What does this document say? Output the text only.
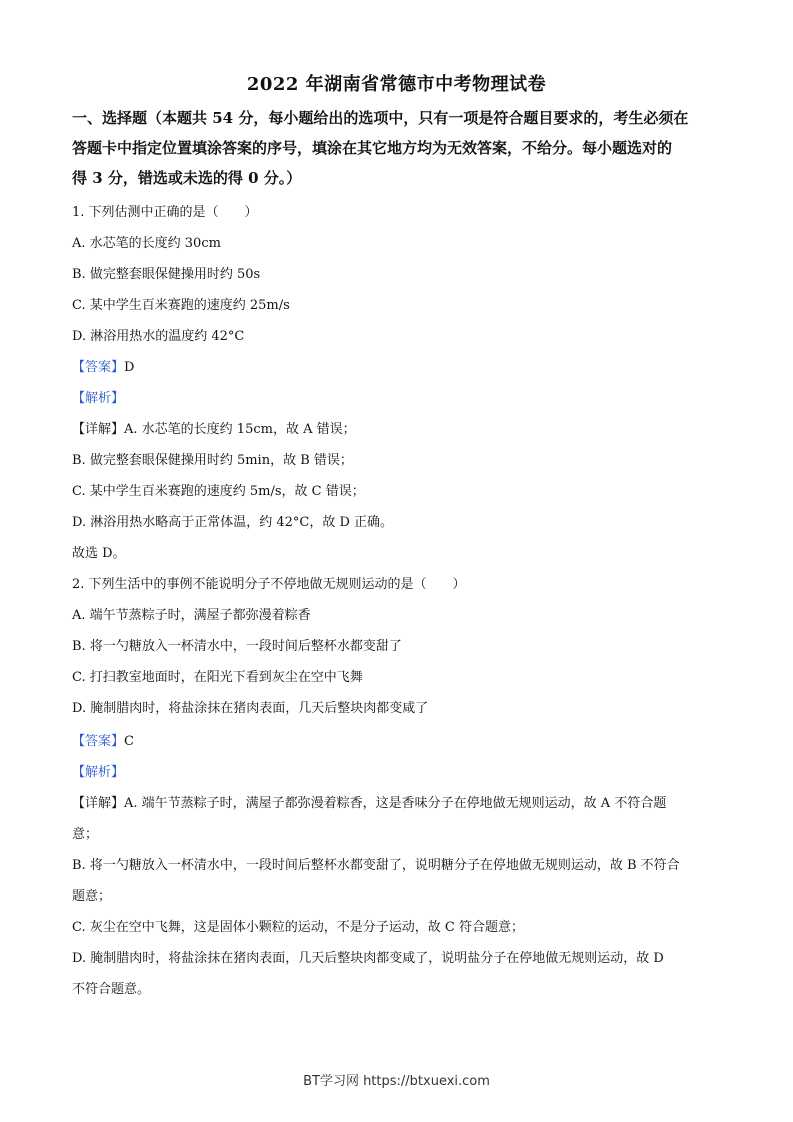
2022 年湖南省常德市中考物理试卷
一、选择题（本题共 54 分，每小题给出的选项中，只有一项是符合题目要求的，考生必须在
答题卡中指定位置填涂答案的序号，填涂在其它地方均为无效答案，不给分。每小题选对的
得 3 分，错选或未选的得 0 分。）
1. 下列估测中正确的是（　　）
A. 水芯笔的长度约 30cm
B. 做完整套眼保健操用时约 50s
C. 某中学生百米赛跑的速度约 25m/s
D. 淋浴用热水的温度约 42°C
【答案】D
【解析】
【详解】A. 水芯笔的长度约 15cm，故 A 错误；
B. 做完整套眼保健操用时约 5min，故 B 错误；
C. 某中学生百米赛跑的速度约 5m/s，故 C 错误；
D. 淋浴用热水略高于正常体温，约 42°C，故 D 正确。
故选 D。
2. 下列生活中的事例不能说明分子不停地做无规则运动的是（　　）
A. 端午节蒸粽子时，满屋子都弥漫着粽香
B. 将一勺糖放入一杯清水中，一段时间后整杯水都变甜了
C. 打扫教室地面时，在阳光下看到灰尘在空中飞舞
D. 腌制腊肉时，将盐涂抹在猪肉表面，几天后整块肉都变咸了
【答案】C
【解析】
【详解】A. 端午节蒸粽子时，满屋子都弥漫着粽香，这是香味分子在停地做无规则运动，故 A 不符合题
意；
B. 将一勺糖放入一杯清水中，一段时间后整杯水都变甜了，说明糖分子在停地做无规则运动，故 B 不符合
题意；
C. 灰尘在空中飞舞，这是固体小颗粒的运动，不是分子运动，故 C 符合题意；
D. 腌制腊肉时，将盐涂抹在猪肉表面，几天后整块肉都变咸了，说明盐分子在停地做无规则运动，故 D
不符合题意。
BT学习网 https://btxuexi.com
